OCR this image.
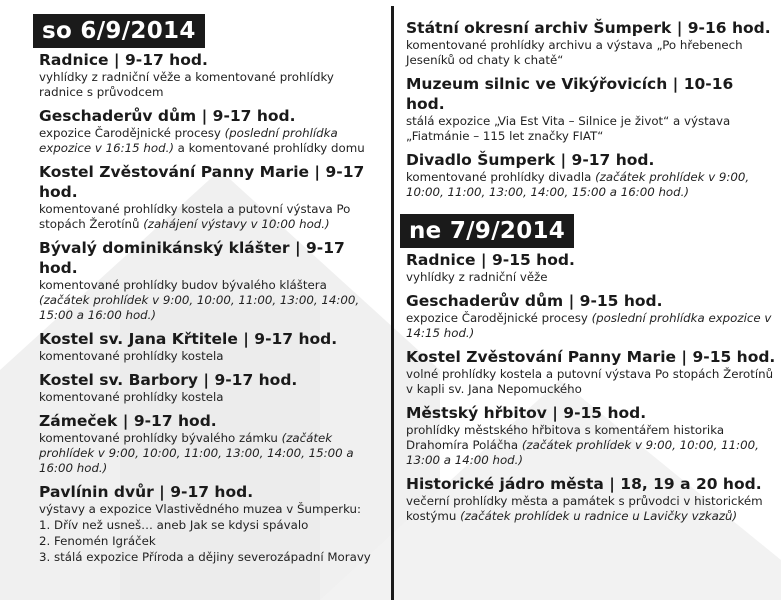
so 6/9/2014
Radnice | 9-17 hod.
vyhlídky z radniční věže a komentované prohlídky radnice s průvodcem
Geschaderův dům | 9-17 hod.
expozice Čarodějnické procesy (poslední prohlídka expozice v 16:15 hod.) a komentované prohlídky domu
Kostel Zvěstování Panny Marie | 9-17 hod.
komentované prohlídky kostela a putovní výstava Po stopách Žerotínů (zahájení výstavy v 10:00 hod.)
Bývalý dominikánský klášter | 9-17 hod.
komentované prohlídky budov bývalého kláštera (začátek prohlídek v 9:00, 10:00, 11:00, 13:00, 14:00, 15:00 a 16:00 hod.)
Kostel sv. Jana Křtitele | 9-17 hod.
komentované prohlídky kostela
Kostel sv. Barbory | 9-17 hod.
komentované prohlídky kostela
Zámeček | 9-17 hod.
komentované prohlídky bývalého zámku (začátek prohlídek v 9:00, 10:00, 11:00, 13:00, 14:00, 15:00 a 16:00 hod.)
Pavlínin dvůr | 9-17 hod.
výstavy a expozice Vlastivědného muzea v Šumperku:
1. Dřív než usneš… aneb Jak se kdysi spávalo
2. Fenomén Igráček
3. stálá expozice Příroda a dějiny severozápadní Moravy
Státní okresní archiv Šumperk | 9-16 hod.
komentované prohlídky archivu a výstava „Po hřebenech Jeseníků od chaty k chatě“
Muzeum silnic ve Vikýřovicích | 10-16 hod.
stálá expozice „Via Est Vita – Silnice je život“ a výstava „Fiatmánie – 115 let značky FIAT“
Divadlo Šumperk | 9-17 hod.
komentované prohlídky divadla (začátek prohlídek v 9:00, 10:00, 11:00, 13:00, 14:00, 15:00 a 16:00 hod.)
ne 7/9/2014
Radnice | 9-15 hod.
vyhlídky z radniční věže
Geschaderův dům | 9-15 hod.
expozice Čarodějnické procesy (poslední prohlídka expozice v 14:15 hod.)
Kostel Zvěstování Panny Marie | 9-15 hod.
volné prohlídky kostela a putovní výstava Po stopách Žerotínů v kapli sv. Jana Nepomuckého
Městský hřbitov | 9-15 hod.
prohlídky městského hřbitova s komentářem historika Drahomíra Poláčha (začátek prohlídek v 9:00, 10:00, 11:00, 13:00 a 14:00 hod.)
Historické jádro města | 18, 19 a 20 hod.
večerní prohlídky města a památek s průvodci v historickém kostýmu (začátek prohlídek u radnice u Lavičky vzkazů)
